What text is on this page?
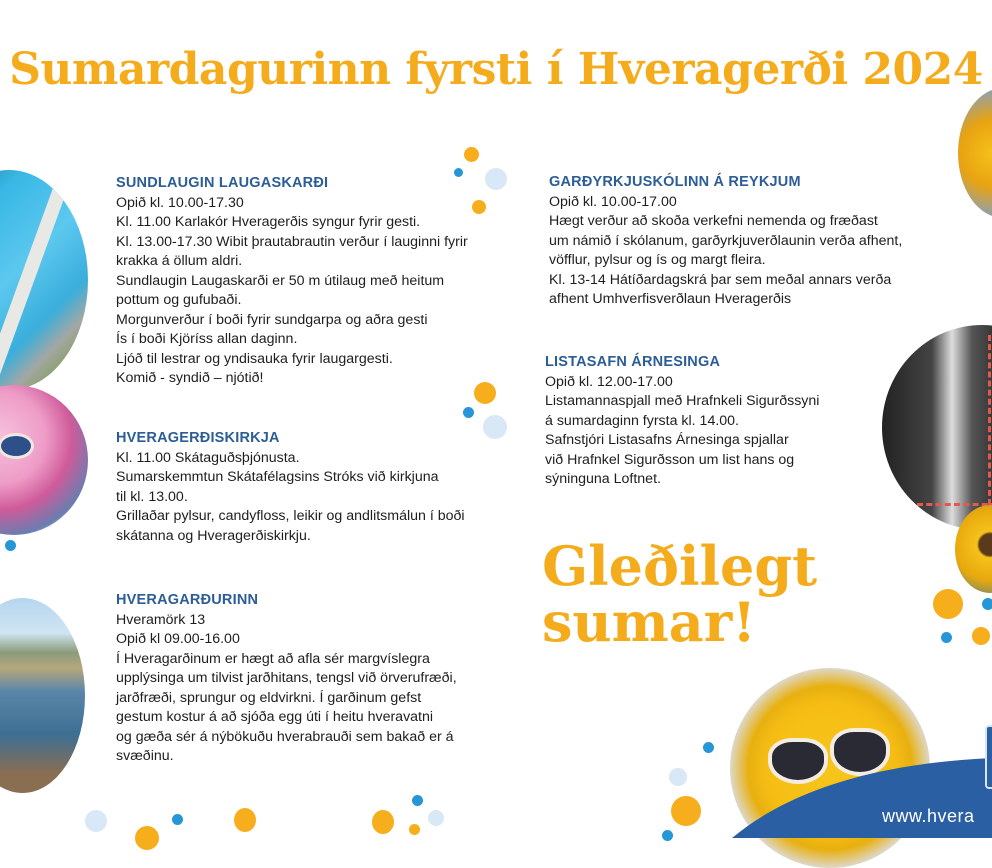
Sumardagurinn fyrsti í Hveragerði 2024
www.hvera
SUNDLAUGIN LAUGASKARÐI

Opið kl. 10.00-17.30

Kl. 11.00 Karlakór Hveragerðis syngur fyrir gesti.

Kl. 13.00-17.30 Wibit þrautabrautin verður í lauginni fyrir

krakka á öllum aldri.

Sundlaugin Laugaskarði er 50 m útilaug með heitum

pottum og gufubaði.

Morgunverður í boði fyrir sundgarpa og aðra gesti

Ís í boði Kjöríss allan daginn.

Ljóð til lestrar og yndisauka fyrir laugargesti.

Komið - syndið – njótið!

HVERAGERÐISKIRKJA

Kl. 11.00 Skátaguðsþjónusta.

Sumarskemmtun Skátafélagsins Stróks við kirkjuna

til kl. 13.00.

Grillaðar pylsur, candyfloss, leikir og andlitsmálun í boði

skátanna og Hveragerðiskirkju.

HVERAGARÐURINN

Hveramörk 13

Opið kl 09.00-16.00

Í Hveragarðinum er hægt að afla sér margvíslegra

upplýsinga um tilvist jarðhitans, tengsl við örverufræði,

jarðfræði, sprungur og eldvirkni. Í garðinum gefst

gestum kostur á að sjóða egg úti í heitu hveravatni

og gæða sér á nýbökuðu hverabrauði sem bakað er á

svæðinu.

GARÐYRKJUSKÓLINN Á REYKJUM

Opið kl. 10.00-17.00

Hægt verður að skoða verkefni nemenda og fræðast

um námið í skólanum, garðyrkjuverðlaunin verða afhent,

vöfflur, pylsur og ís og margt fleira.

Kl. 13-14 Hátíðardagskrá þar sem meðal annars verða

afhent Umhverfisverðlaun Hveragerðis

LISTASAFN ÁRNESINGA

Opið kl. 12.00-17.00

Listamannaspjall með Hrafnkeli Sigurðssyni

á sumardaginn fyrsta kl. 14.00.

Safnstjóri Listasafns Árnesinga spjallar

við Hrafnkel Sigurðsson um list hans og

sýninguna Loftnet.

Gleðilegt
sumar!
